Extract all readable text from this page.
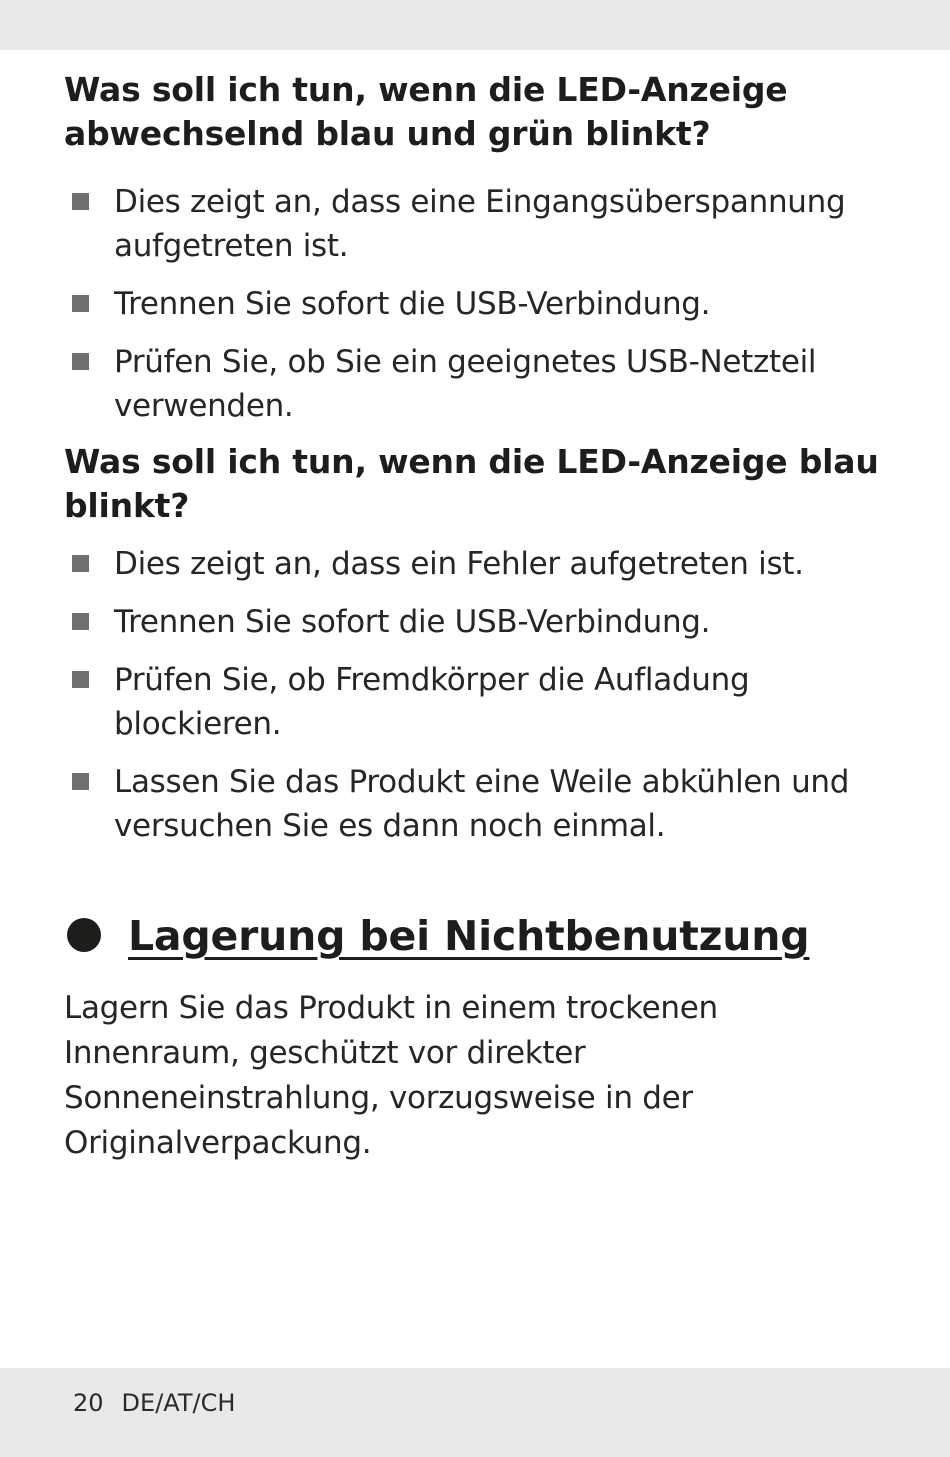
Was soll ich tun, wenn die LED-Anzeige abwechselnd blau und grün blinkt?
Dies zeigt an, dass eine Eingangsüberspannung aufgetreten ist.
Trennen Sie sofort die USB-Verbindung.
Prüfen Sie, ob Sie ein geeignetes USB-Netzteil verwenden.
Was soll ich tun, wenn die LED-Anzeige blau blinkt?
Dies zeigt an, dass ein Fehler aufgetreten ist.
Trennen Sie sofort die USB-Verbindung.
Prüfen Sie, ob Fremdkörper die Aufladung blockieren.
Lassen Sie das Produkt eine Weile abkühlen und versuchen Sie es dann noch einmal.
Lagerung bei Nichtbenutzung

Lagern Sie das Produkt in einem trockenen Innenraum, geschützt vor direkter Sonneneinstrahlung, vorzugsweise in der Originalverpackung.

20 DE/AT/CH
